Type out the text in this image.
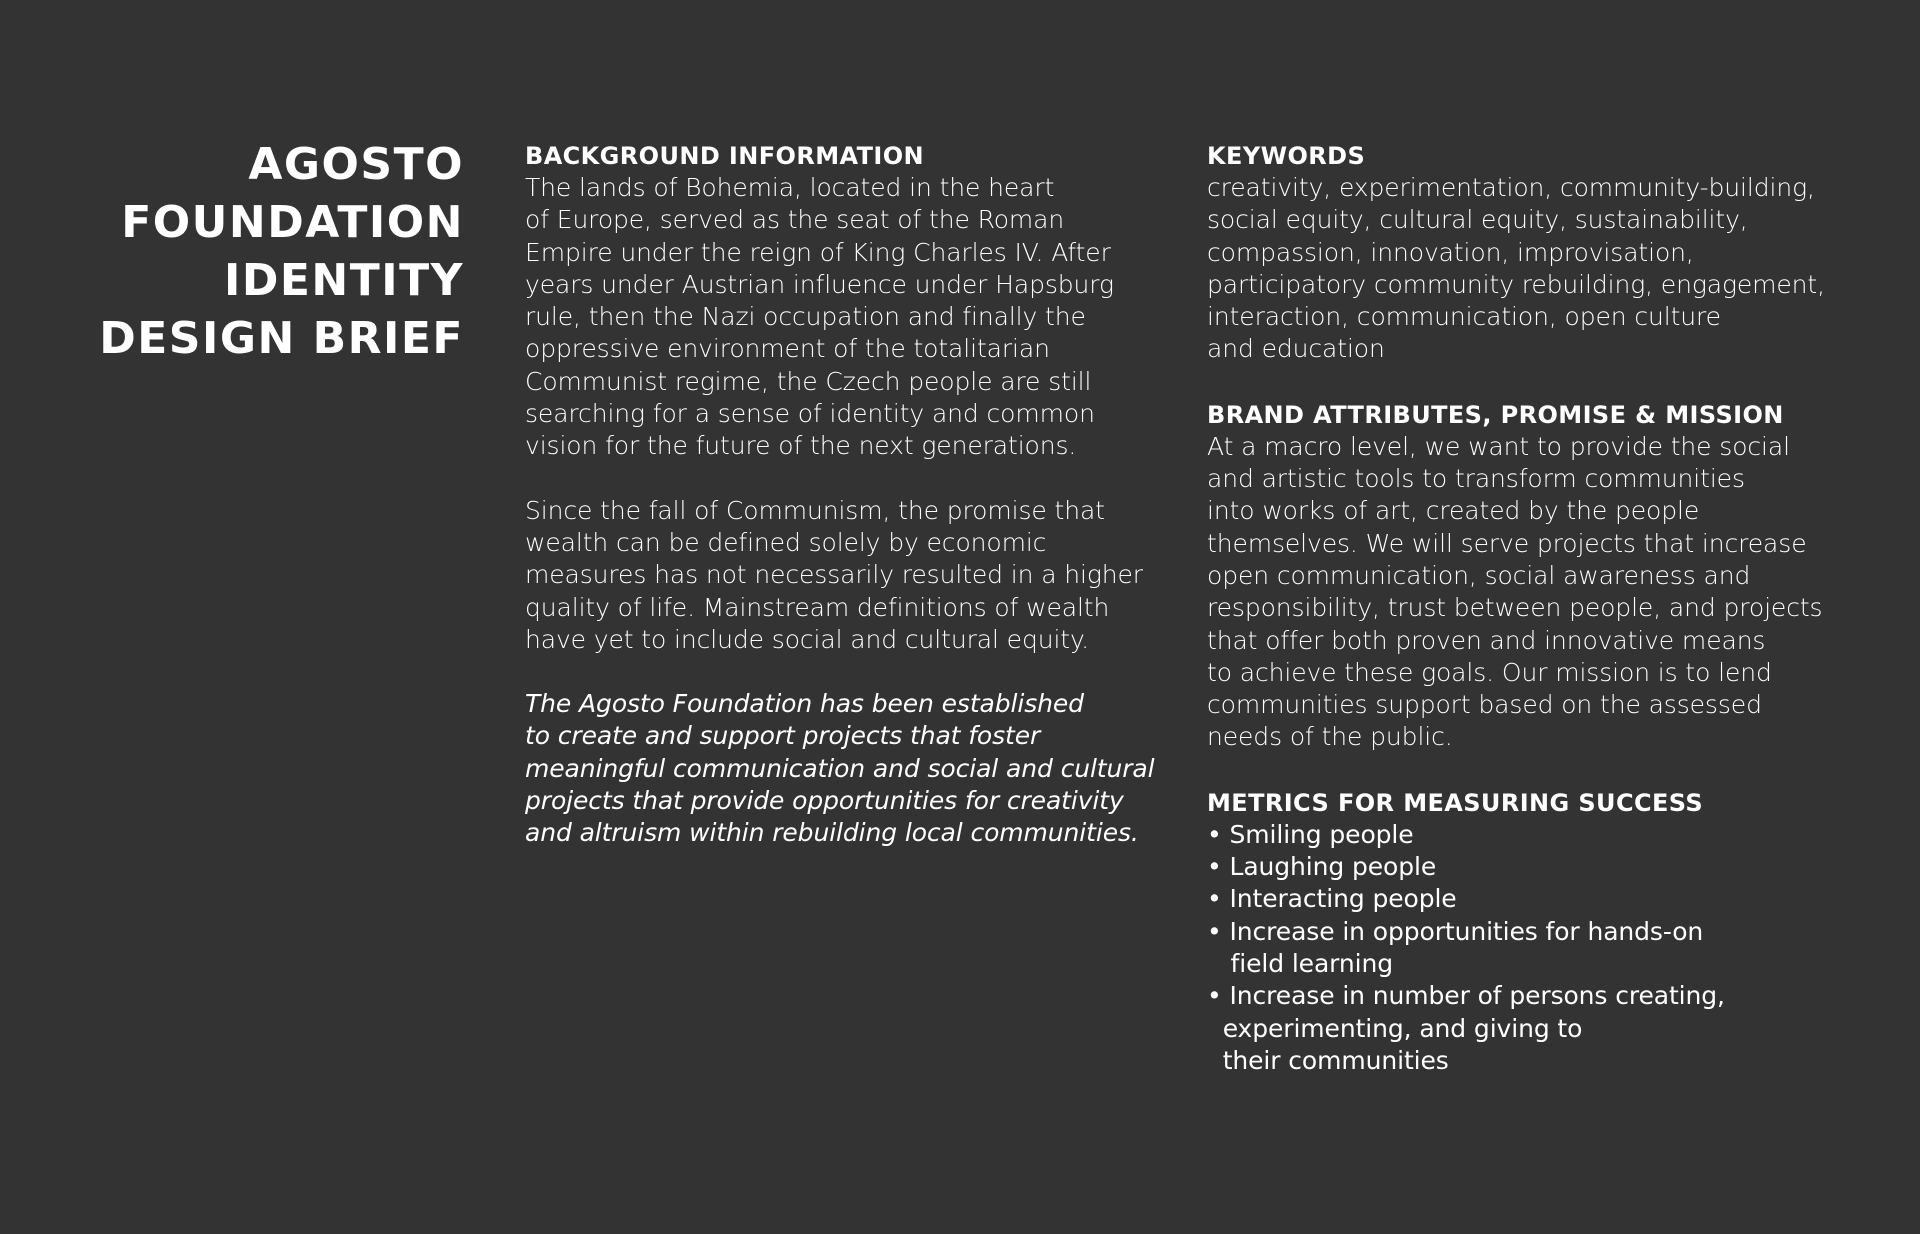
AGOSTO
FOUNDATION
IDENTITY
DESIGN BRIEF
BACKGROUND INFORMATION
The lands of Bohemia, located in the heart
of Europe, served as the seat of the Roman
Empire under the reign of King Charles IV. After
years under Austrian influence under Hapsburg
rule, then the Nazi occupation and finally the
oppressive environment of the totalitarian
Communist regime, the Czech people are still
searching for a sense of identity and common
vision for the future of the next generations.
Since the fall of Communism, the promise that
wealth can be defined solely by economic
measures has not necessarily resulted in a higher
quality of life. Mainstream definitions of wealth
have yet to include social and cultural equity.
The Agosto Foundation has been established
to create and support projects that foster
meaningful communication and social and cultural
projects that provide opportunities for creativity
and altruism within rebuilding local communities.
KEYWORDS
creativity, experimentation, community-building,
social equity, cultural equity, sustainability,
compassion, innovation, improvisation,
participatory community rebuilding, engagement,
interaction, communication, open culture
and education
BRAND ATTRIBUTES, PROMISE & MISSION
At a macro level, we want to provide the social
and artistic tools to transform communities
into works of art, created by the people
themselves. We will serve projects that increase
open communication, social awareness and
responsibility, trust between people, and projects
that offer both proven and innovative means
to achieve these goals. Our mission is to lend
communities support based on the assessed
needs of the public.
METRICS FOR MEASURING SUCCESS
• Smiling people
• Laughing people
• Interacting people
• Increase in opportunities for hands-on
field learning
• Increase in number of persons creating,
experimenting, and giving to
their communities
